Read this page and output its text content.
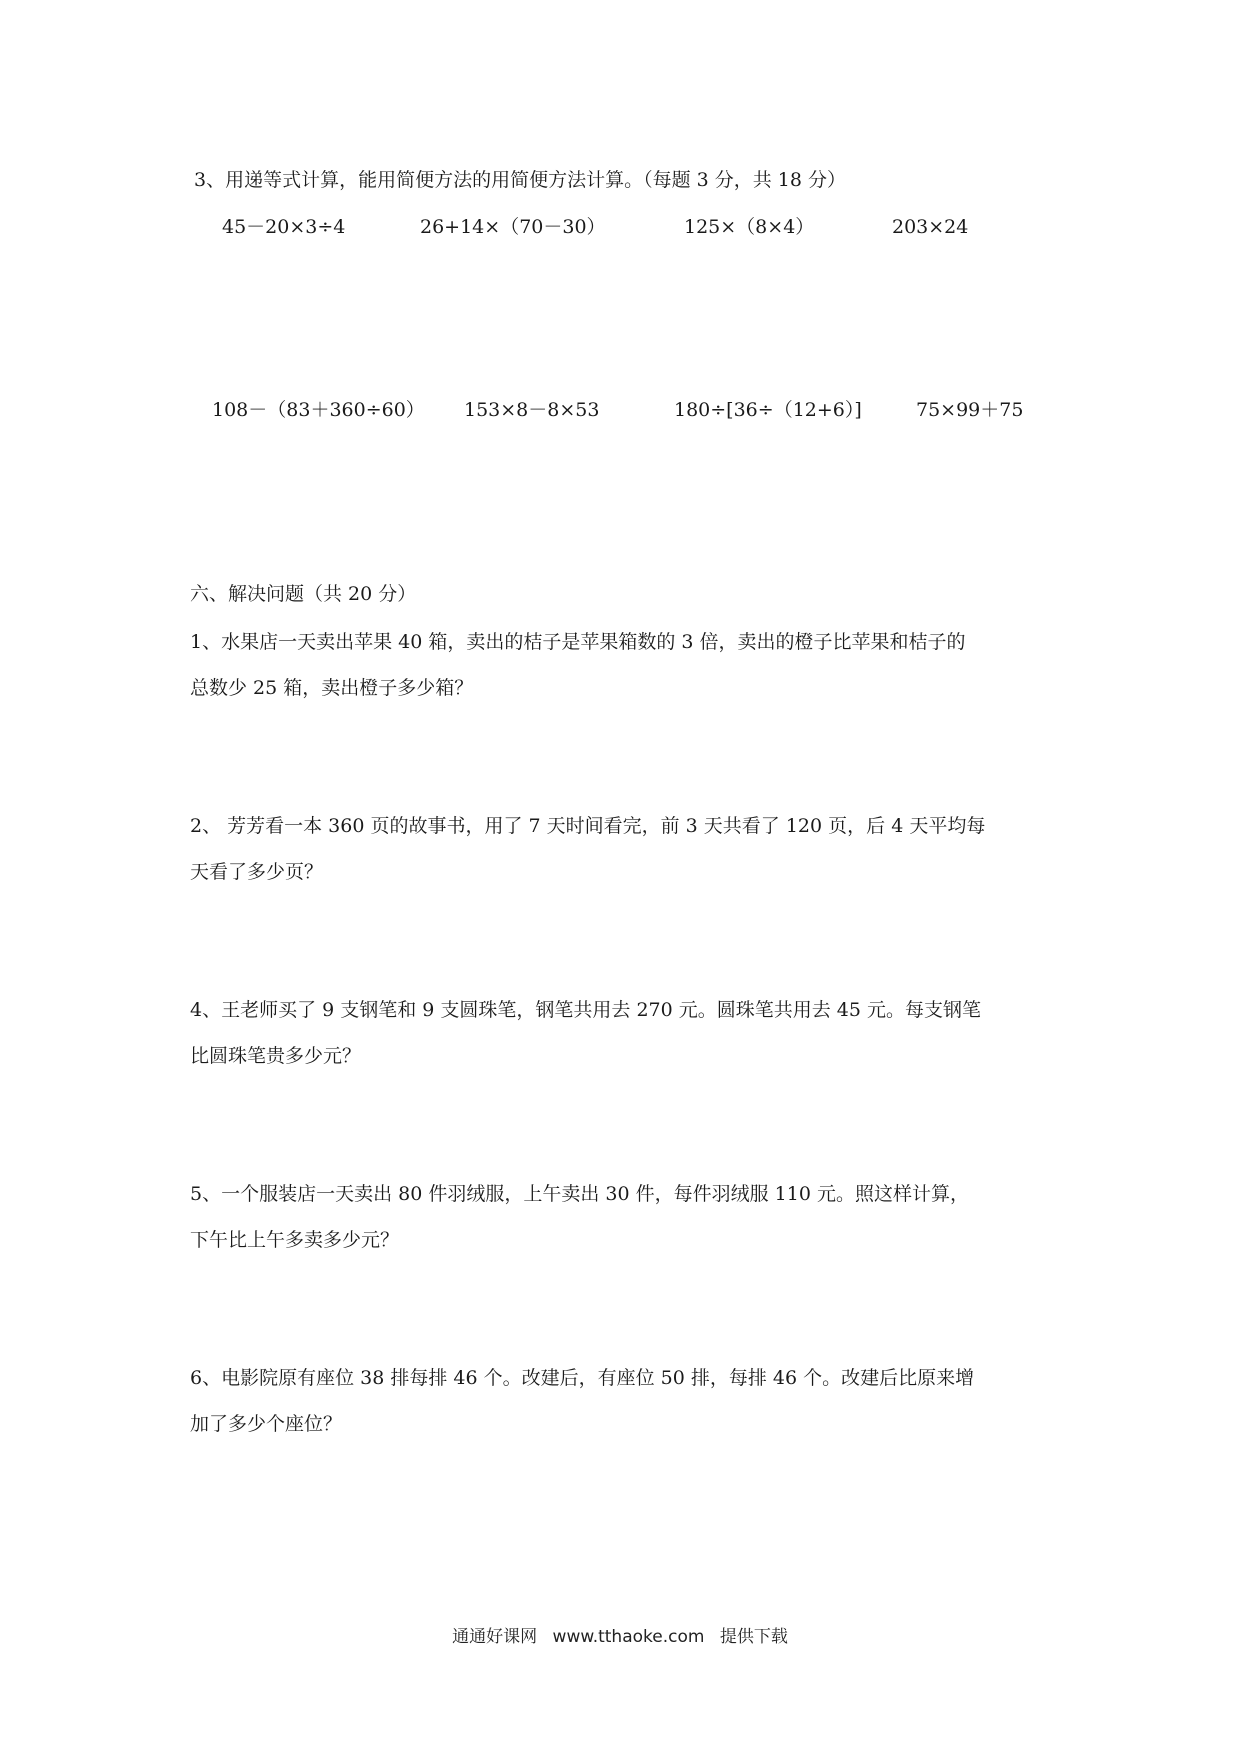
3、用递等式计算，能用简便方法的用简便方法计算。（每题 3 分，共 18 分）
45－20×3÷4	26+14×（70－30）	125×（8×4）	203×24
108－（83＋360÷60） 153×8－8×53	180÷[36÷（12+6）]	75×99＋75
六、解决问题（共 20 分）
1、水果店一天卖出苹果 40 箱，卖出的桔子是苹果箱数的 3 倍，卖出的橙子比苹果和桔子的
总数少 25 箱，卖出橙子多少箱？
2、 芳芳看一本 360 页的故事书，用了 7 天时间看完，前 3 天共看了 120 页，后 4 天平均每
天看了多少页？
4、王老师买了 9 支钢笔和 9 支圆珠笔，钢笔共用去 270 元。圆珠笔共用去 45 元。每支钢笔
比圆珠笔贵多少元？
5、一个服装店一天卖出 80 件羽绒服，上午卖出 30 件，每件羽绒服 110 元。照这样计算，
下午比上午多卖多少元？
6、电影院原有座位 38 排每排 46 个。改建后，有座位 50 排，每排 46 个。改建后比原来增
加了多少个座位？
通通好课网 www.tthaoke.com 提供下载
